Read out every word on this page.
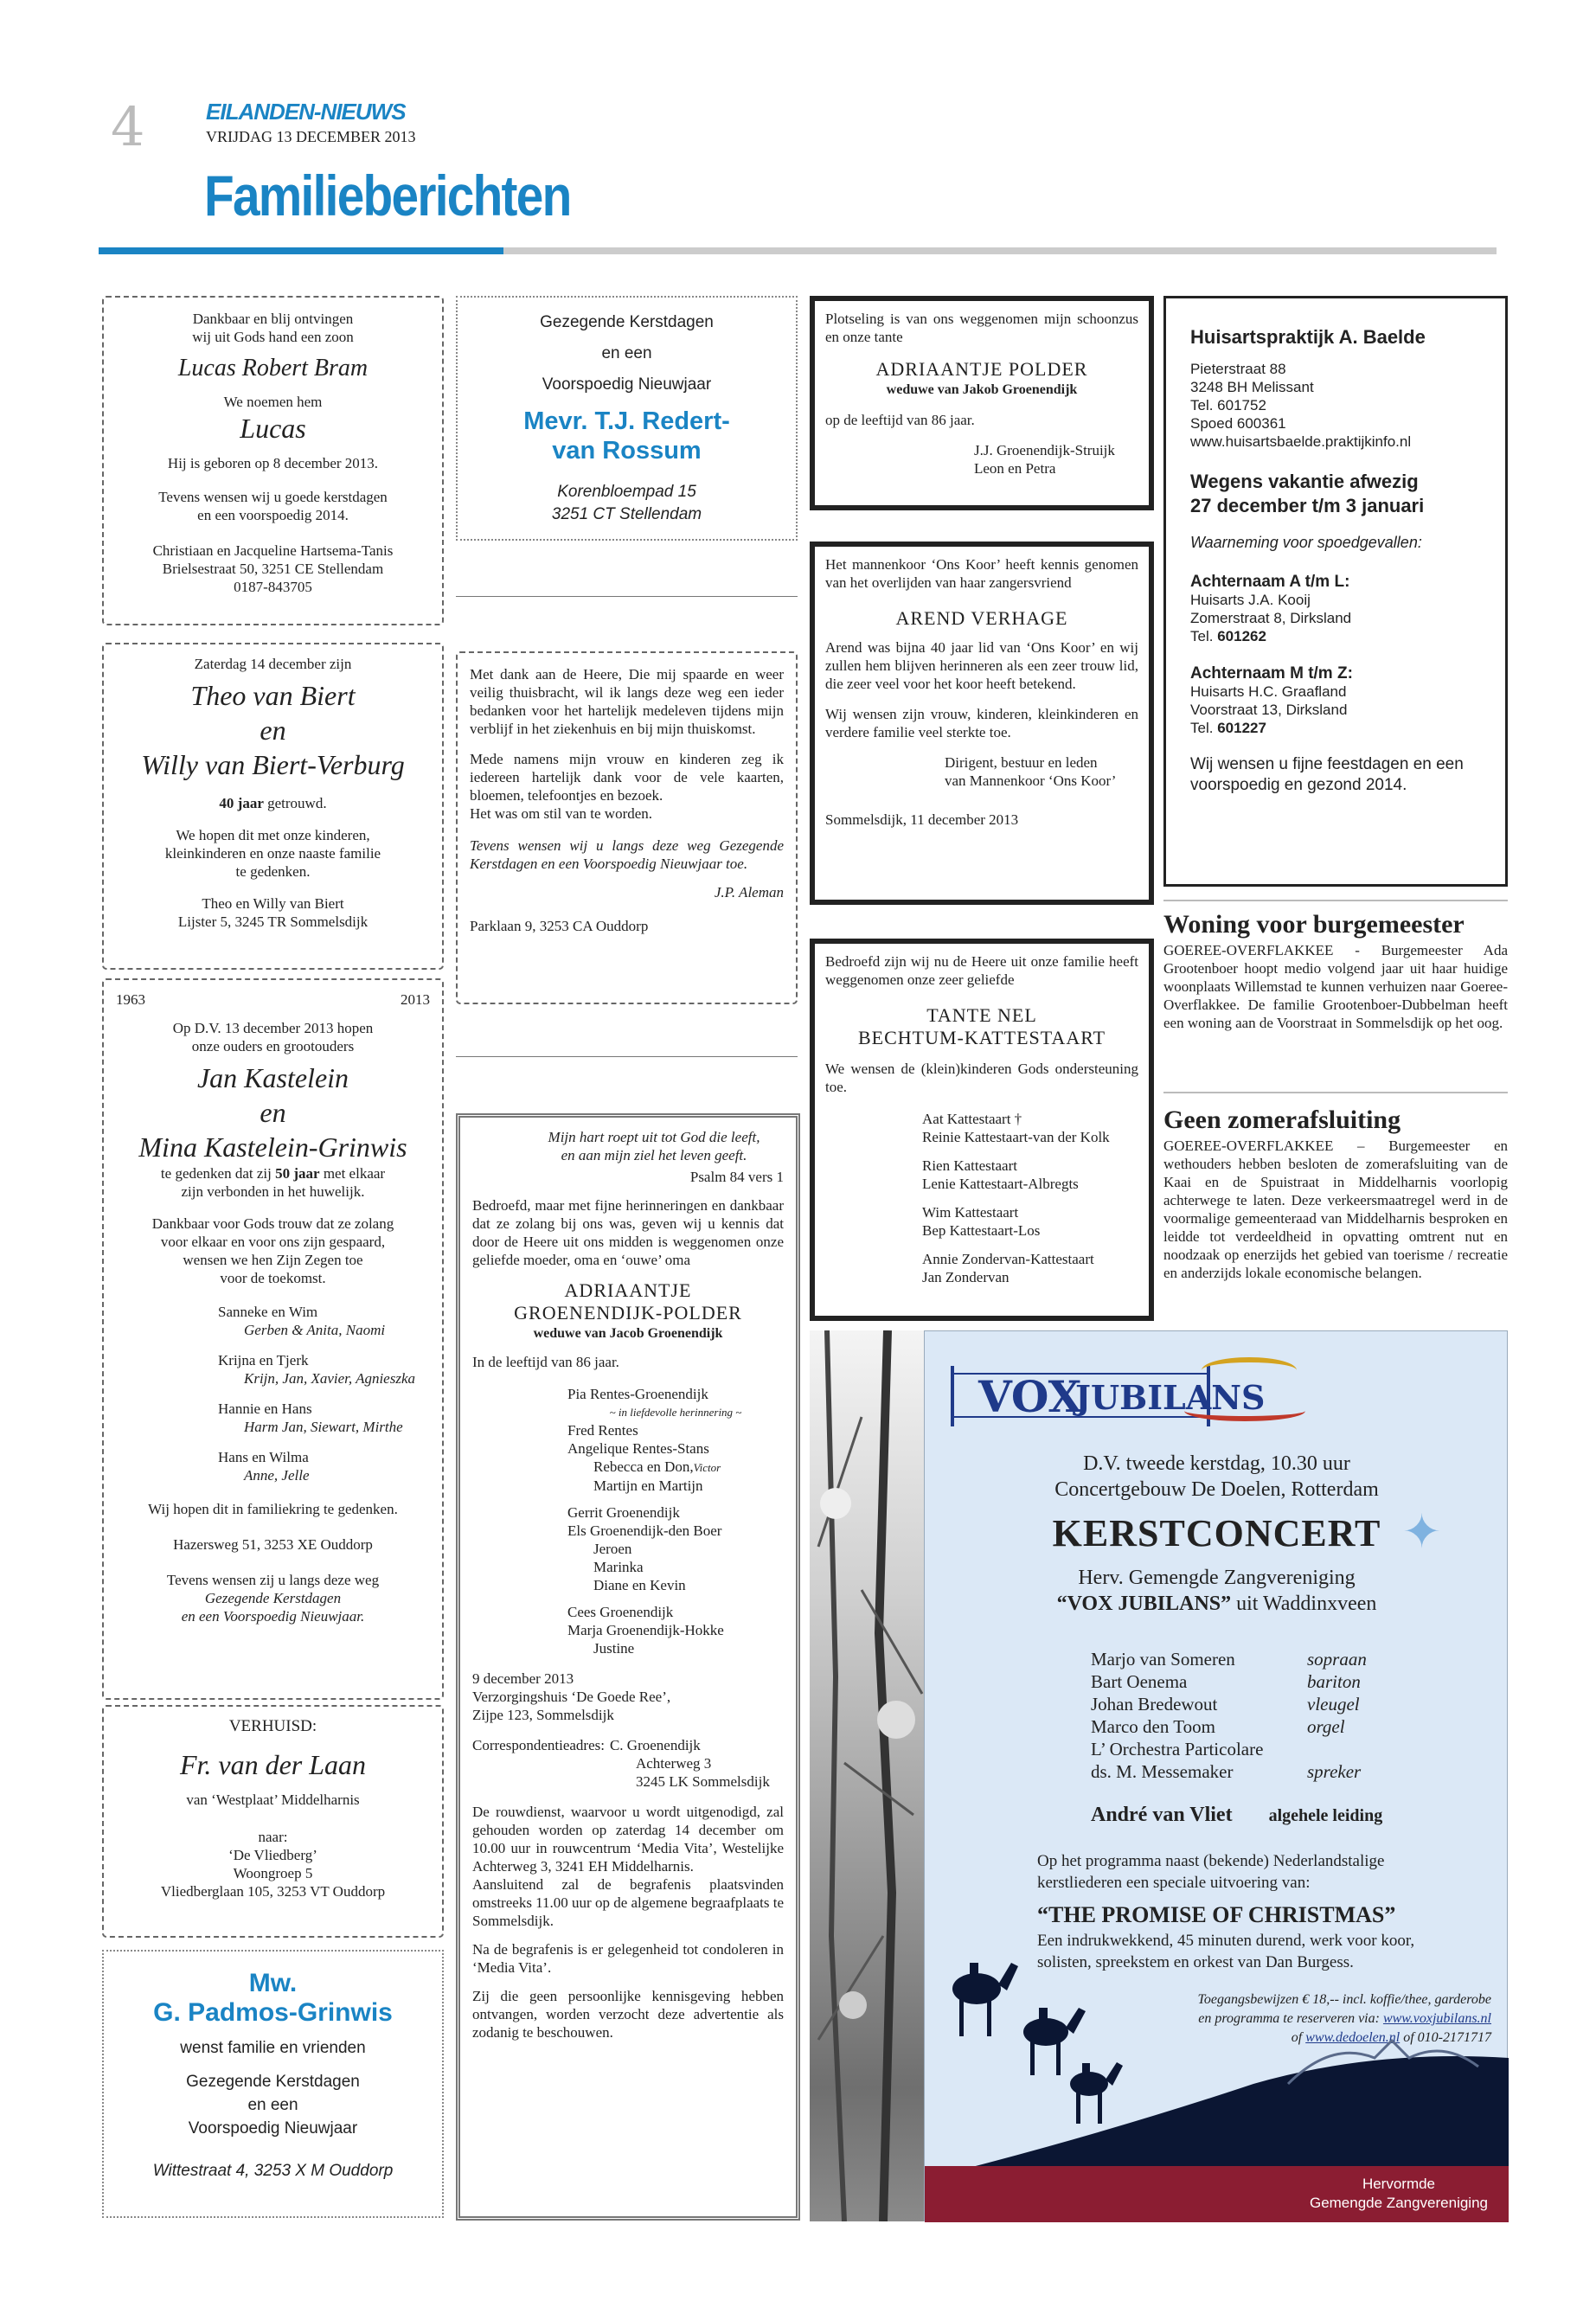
4	EILANDEN-NIEUWS
VRIJDAG 13 DECEMBER 2013
Familieberichten

Dankbaar en blij ontvingen

wij uit Gods hand een zoon

Lucas Robert Bram

We noemen hem

Lucas

Hij is geboren op 8 december 2013.

Tevens wensen wij u goede kerstdagen

en een voorspoedig 2014.

Christiaan en Jacqueline Hartsema-Tanis

Brielsestraat 50, 3251 CE Stellendam

0187-843705

Zaterdag 14 december zijn

Theo van Biert

en

Willy van Biert-Verburg

40 jaar getrouwd.

We hopen dit met onze kinderen,

kleinkinderen en onze naaste familie

te gedenken.

Theo en Willy van Biert

Lijster 5, 3245 TR Sommelsdijk

1963	2013

Op D.V. 13 december 2013 hopen

onze ouders en grootouders

Jan Kastelein

en

Mina Kastelein-Grinwis

te gedenken dat zij 50 jaar met elkaar

zijn verbonden in het huwelijk.

Dankbaar voor Gods trouw dat ze zolang

voor elkaar en voor ons zijn gespaard,

wensen we hen Zijn Zegen toe

voor de toekomst.

Sanneke en Wim

Gerben & Anita, Naomi

Krijna en Tjerk

Krijn, Jan, Xavier, Agnieszka

Hannie en Hans

Harm Jan, Siewart, Mirthe

Hans en Wilma

Anne, Jelle

Wij hopen dit in familiekring te gedenken.

Hazersweg 51, 3253 XE Ouddorp

Tevens wensen zij u langs deze weg

Gezegende Kerstdagen

en een Voorspoedig Nieuwjaar.

VERHUISD:

Fr. van der Laan

van ‘Westplaat’ Middelharnis

naar:

‘De Vliedberg’

Woongroep 5

Vliedberglaan 105, 3253 VT Ouddorp

Mw.

G. Padmos-Grinwis

wenst familie en vrienden

Gezegende Kerstdagen

en een

Voorspoedig Nieuwjaar

Wittestraat 4, 3253 X M Ouddorp

Gezegende Kerstdagen

en een

Voorspoedig Nieuwjaar

Mevr. T.J. Redert-

van Rossum

Korenbloempad 15

3251 CT Stellendam

Met dank aan de Heere, Die mij spaarde en weer veilig thuisbracht, wil ik langs deze weg een ieder bedanken voor het hartelijk medeleven tijdens mijn verblijf in het ziekenhuis en bij mijn thuiskomst.

Mede namens mijn vrouw en kinderen zeg ik iedereen hartelijk dank voor de vele kaarten, bloemen, telefoontjes en bezoek.

Het was om stil van te worden.

Tevens wensen wij u langs deze weg Gezegende Kerstdagen en een Voorspoedig Nieuwjaar toe.

J.P. Aleman

Parklaan 9, 3253 CA Ouddorp

Mijn hart roept uit tot God die leeft,

en aan mijn ziel het leven geeft.

Psalm 84 vers 1

Bedroefd, maar met fijne herinneringen en dankbaar dat ze zolang bij ons was, geven wij u kennis dat door de Heere uit ons midden is weggenomen onze geliefde moeder, oma en ‘ouwe’ oma

ADRIAANTJE

GROENENDIJK-POLDER

weduwe van Jacob Groenendijk

In de leeftijd van 86 jaar.

Pia Rentes-Groenendijk

~ in liefdevolle herinnering ~

Fred Rentes

Angelique Rentes-Stans

Rebecca en Don,Victor

Martijn en Martijn

Gerrit Groenendijk

Els Groenendijk-den Boer

Jeroen

Marinka

Diane en Kevin

Cees Groenendijk

Marja Groenendijk-Hokke

Justine

9 december 2013

Verzorgingshuis ‘De Goede Ree’,

Zijpe 123, Sommelsdijk

Correspondentieadres: C. Groenendijk

Achterweg 3

3245 LK Sommelsdijk

De rouwdienst, waarvoor u wordt uitgenodigd, zal gehouden worden op zaterdag 14 december om 10.00 uur in rouwcentrum ‘Media Vita’, Westelijke Achterweg 3, 3241 EH Middelharnis.

Aansluitend zal de begrafenis plaatsvinden omstreeks 11.00 uur op de algemene begraafplaats te Sommelsdijk.

Na de begrafenis is er gelegenheid tot condoleren in ‘Media Vita’.

Zij die geen persoonlijke kennisgeving hebben ontvangen, worden verzocht deze advertentie als zodanig te beschouwen.

Plotseling is van ons weggenomen mijn schoonzus en onze tante

ADRIAANTJE POLDER

weduwe van Jakob Groenendijk

op de leeftijd van 86 jaar.

J.J. Groenendijk-Struijk

Leon en Petra

Het mannenkoor ‘Ons Koor’ heeft kennis genomen van het overlijden van haar zangersvriend

AREND VERHAGE

Arend was bijna 40 jaar lid van ‘Ons Koor’ en wij zullen hem blijven herinneren als een zeer trouw lid, die zeer veel voor het koor heeft betekend.

Wij wensen zijn vrouw, kinderen, kleinkinderen en verdere familie veel sterkte toe.

Dirigent, bestuur en leden

van Mannenkoor ‘Ons Koor’

Sommelsdijk, 11 december 2013

Bedroefd zijn wij nu de Heere uit onze familie heeft weggenomen onze zeer geliefde

TANTE NEL

BECHTUM-KATTESTAART

We wensen de (klein)kinderen Gods ondersteuning toe.

Aat Kattestaart †

Reinie Kattestaart-van der Kolk

Rien Kattestaart

Lenie Kattestaart-Albregts

Wim Kattestaart

Bep Kattestaart-Los

Annie Zondervan-Kattestaart

Jan Zondervan

Huisartspraktijk A. Baelde

Pieterstraat 88

3248 BH Melissant

Tel. 601752

Spoed 600361

www.huisartsbaelde.praktijkinfo.nl

Wegens vakantie afwezig

27 december t/m 3 januari

Waarneming voor spoedgevallen:

Achternaam A t/m L:

Huisarts J.A. Kooij

Zomerstraat 8, Dirksland

Tel. 601262

Achternaam M t/m Z:

Huisarts H.C. Graafland

Voorstraat 13, Dirksland

Tel. 601227

Wij wensen u fijne feestdagen en een voorspoedig en gezond 2014.

Woning voor burgemeester

GOEREE-OVERFLAKKEE - Burgemeester Ada Grootenboer hoopt medio volgend jaar uit haar huidige woonplaats Willemstad te kunnen verhuizen naar Goeree-Overflakkee. De familie Grootenboer-Dubbelman heeft een woning aan de Voorstraat in Sommelsdijk op het oog.

Geen zomerafsluiting

GOEREE-OVERFLAKKEE – Burgemeester en wethouders hebben besloten de zomerafsluiting van de Kaai en de Spuistraat in Middelharnis voorlopig achterwege te laten. Deze verkeersmaatregel werd in de voormalige gemeenteraad van Middelharnis besproken en leidde tot verdeeldheid in opvatting omtrent nut en noodzaak op enerzijds het gebied van toerisme / recreatie en anderzijds lokale economische belangen.

VOX
JUBILANS

D.V. tweede kerstdag, 10.30 uur

Concertgebouw De Doelen, Rotterdam

KERSTCONCERT

Herv. Gemengde Zangvereniging

“VOX JUBILANS” uit Waddinxveen

✦
Marjo van Someren	sopraan
Bart Oenema	bariton
Johan Bredewout	vleugel
Marco den Toom	orgel
L’ Orchestra Particolare
ds. M. Messemaker	spreker
André van Vliet algehele leiding

Op het programma naast (bekende) Nederlandstalige kerstliederen een speciale uitvoering van:

“THE PROMISE OF CHRISTMAS”

Een indrukwekkend, 45 minuten durend, werk voor koor, solisten, spreekstem en orkest van Dan Burgess.

Toegangsbewijzen € 18,-- incl. koffie/thee, garderobe

en programma te reserveren via: www.voxjubilans.nl

of www.dedoelen.nl of 010-2171717

Hervormde

Gemengde Zangvereniging
